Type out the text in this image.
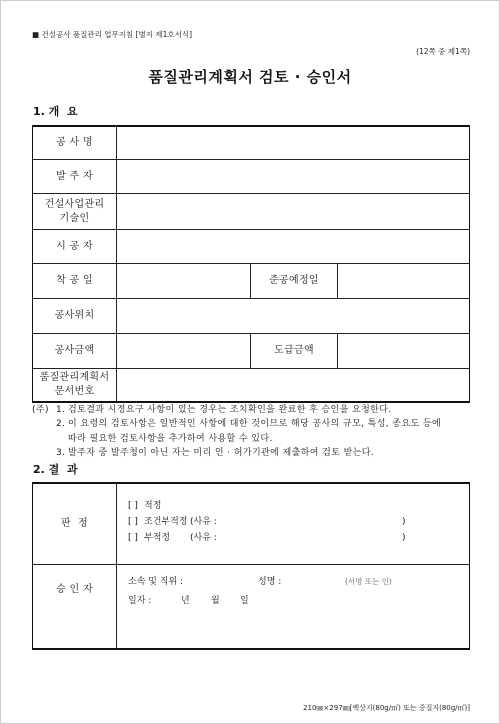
■ 건설공사 품질관리 업무지침 [별지 제1호서식]
(12쪽 중 제1쪽)
품질관리계획서 검토 · 승인서
1. 개  요
공 사 명
발 주 자
건설사업관리
기술인
시 공 자
착 공 일	준공예정일
공사위치
공사금액	도급금액
품질관리계획서
문서번호
(주) 1. 검토결과 시정요구 사항이 있는 경우는 조치확인을 완료한 후 승인을 요청한다.
2. 이 요령의 검토사항은 일반적인 사항에 대한 것이므로 해당 공사의 규모, 특성, 종요도 등에
따라 필요한 검토사항을 추가하여 사용할 수 있다.
3. 발주자 중 발주청이 아닌 자는 미리 인 · 허가기관에 제출하여 검토 받는다.
2. 결  과
판  정
[ ] 적정
[ ] 조건부적정 (사유 :	)
[ ] 부적정	(사유 :	)
승 인 자
소속 및 직위 :	성명 :	(서명 또는 인)
일자 :	년 월 일
210㎜×297㎜[백상지(80g/㎡) 또는 중질지(80g/㎡)]
